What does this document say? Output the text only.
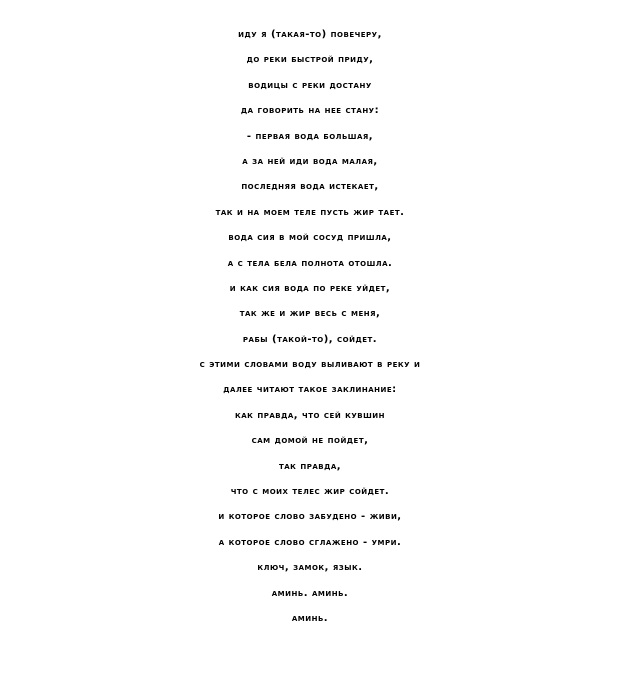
иду я (такая-то) повечеру,
до реки быстрой приду,
водицы с реки достану
да говорить на нее стану:
- первая вода большая,
а за ней иди вода малая,
последняя вода истекает,
так и на моем теле пусть жир тает.
вода сия в мой сосуд пришла,
а с тела бела полнота отошла.
и как сия вода по реке уйдет,
так же и жир весь с меня,
рабы (такой-то), сойдет.
с этими словами воду выливают в реку и
далее читают такое заклинание:
как правда, что сей кувшин
сам домой не пойдет,
так правда,
что с моих телес жир сойдет.
и которое слово забудено - живи,
а которое слово сглажено - умри.
ключ, замок, язык.
аминь. аминь.
аминь.
